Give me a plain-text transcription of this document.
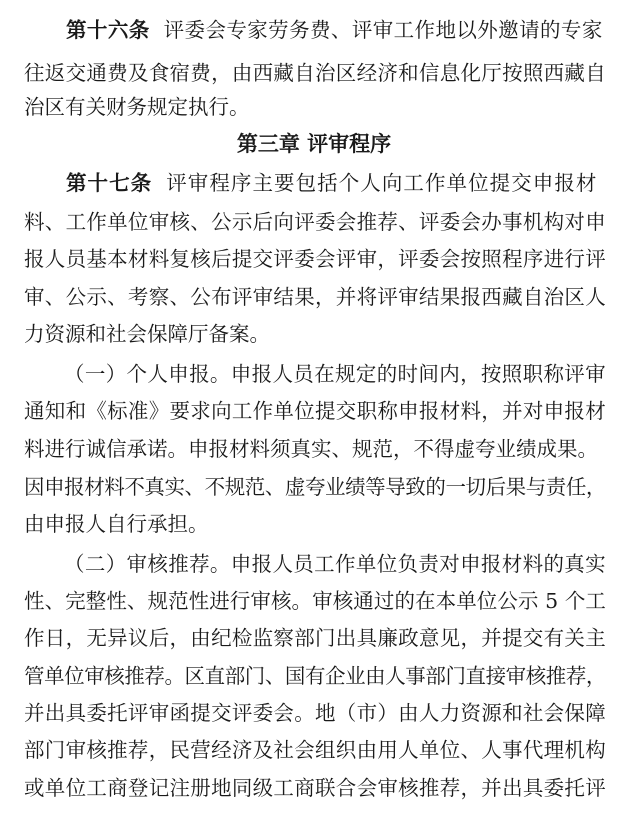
第十六条 评委会专家劳务费、评审工作地以外邀请的专家
往返交通费及食宿费，由西藏自治区经济和信息化厅按照西藏自
治区有关财务规定执行。
第三章 评审程序
第十七条 评审程序主要包括个人向工作单位提交申报材
料、工作单位审核、公示后向评委会推荐、评委会办事机构对申
报人员基本材料复核后提交评委会评审，评委会按照程序进行评
审、公示、考察、公布评审结果，并将评审结果报西藏自治区人
力资源和社会保障厅备案。
（一）个人申报。申报人员在规定的时间内，按照职称评审
通知和《标准》要求向工作单位提交职称申报材料，并对申报材
料进行诚信承诺。申报材料须真实、规范，不得虚夸业绩成果。
因申报材料不真实、不规范、虚夸业绩等导致的一切后果与责任，
由申报人自行承担。
（二）审核推荐。申报人员工作单位负责对申报材料的真实
性、完整性、规范性进行审核。审核通过的在本单位公示 5 个工
作日，无异议后，由纪检监察部门出具廉政意见，并提交有关主
管单位审核推荐。区直部门、国有企业由人事部门直接审核推荐，
并出具委托评审函提交评委会。地（市）由人力资源和社会保障
部门审核推荐，民营经济及社会组织由用人单位、人事代理机构
或单位工商登记注册地同级工商联合会审核推荐，并出具委托评
